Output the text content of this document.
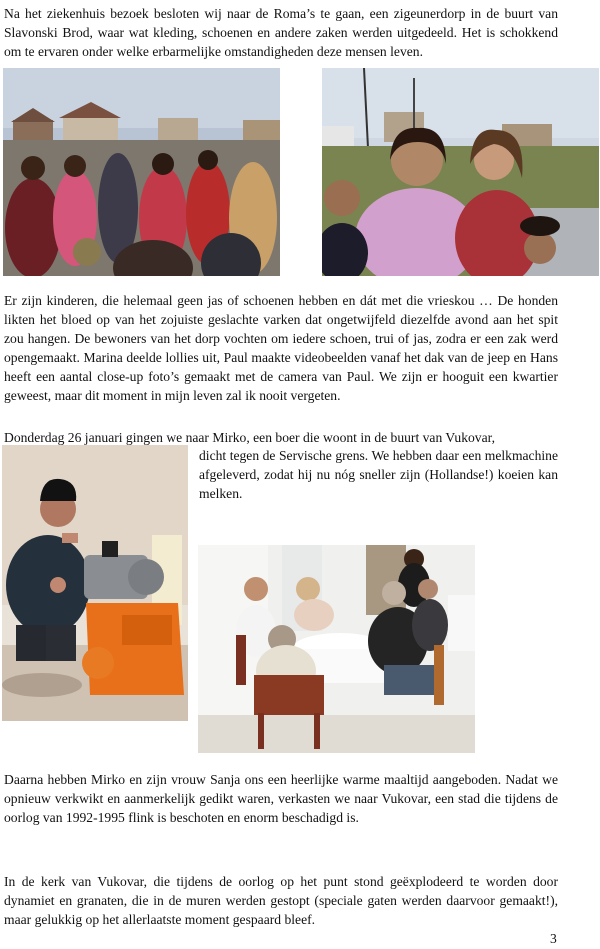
Na het ziekenhuis bezoek besloten wij naar de Roma’s te gaan, een zigeunerdorp in de buurt van Slavonski Brod, waar wat kleding, schoenen en andere zaken werden uitgedeeld. Het is schokkend om te ervaren onder welke erbarmelijke omstandigheden deze mensen leven.

Er zijn kinderen, die helemaal geen jas of schoenen hebben en dát met die vrieskou … De honden likten het bloed op van het zojuiste geslachte varken dat ongetwijfeld diezelfde avond aan het spit zou hangen. De bewoners van het dorp vochten om iedere schoen, trui of jas, zodra er een zak werd opengemaakt. Marina deelde lollies uit, Paul maakte videobeelden vanaf het dak van de jeep en Hans heeft een aantal close-up foto’s gemaakt met de camera van Paul. We zijn er hooguit een kwartier geweest, maar dit moment in mijn leven zal ik nooit vergeten.

Donderdag 26 januari gingen we naar Mirko, een boer die woont in de buurt van Vukovar,

dicht tegen de Servische grens. We hebben daar een melkmachine afgeleverd, zodat hij nu nóg sneller zijn (Hollandse!) koeien kan melken.

Daarna hebben Mirko en zijn vrouw Sanja ons een heerlijke warme maaltijd aangeboden. Nadat we opnieuw verkwikt en aanmerkelijk gedikt waren, verkasten we naar Vukovar, een stad die tijdens de oorlog van 1992-1995 flink is beschoten en enorm beschadigd is.

In de kerk van Vukovar, die tijdens de oorlog op het punt stond geëxplodeerd te worden door dynamiet en granaten, die in de muren werden gestopt (speciale gaten werden daarvoor gemaakt!), maar gelukkig op het allerlaatste moment gespaard bleef.

3
